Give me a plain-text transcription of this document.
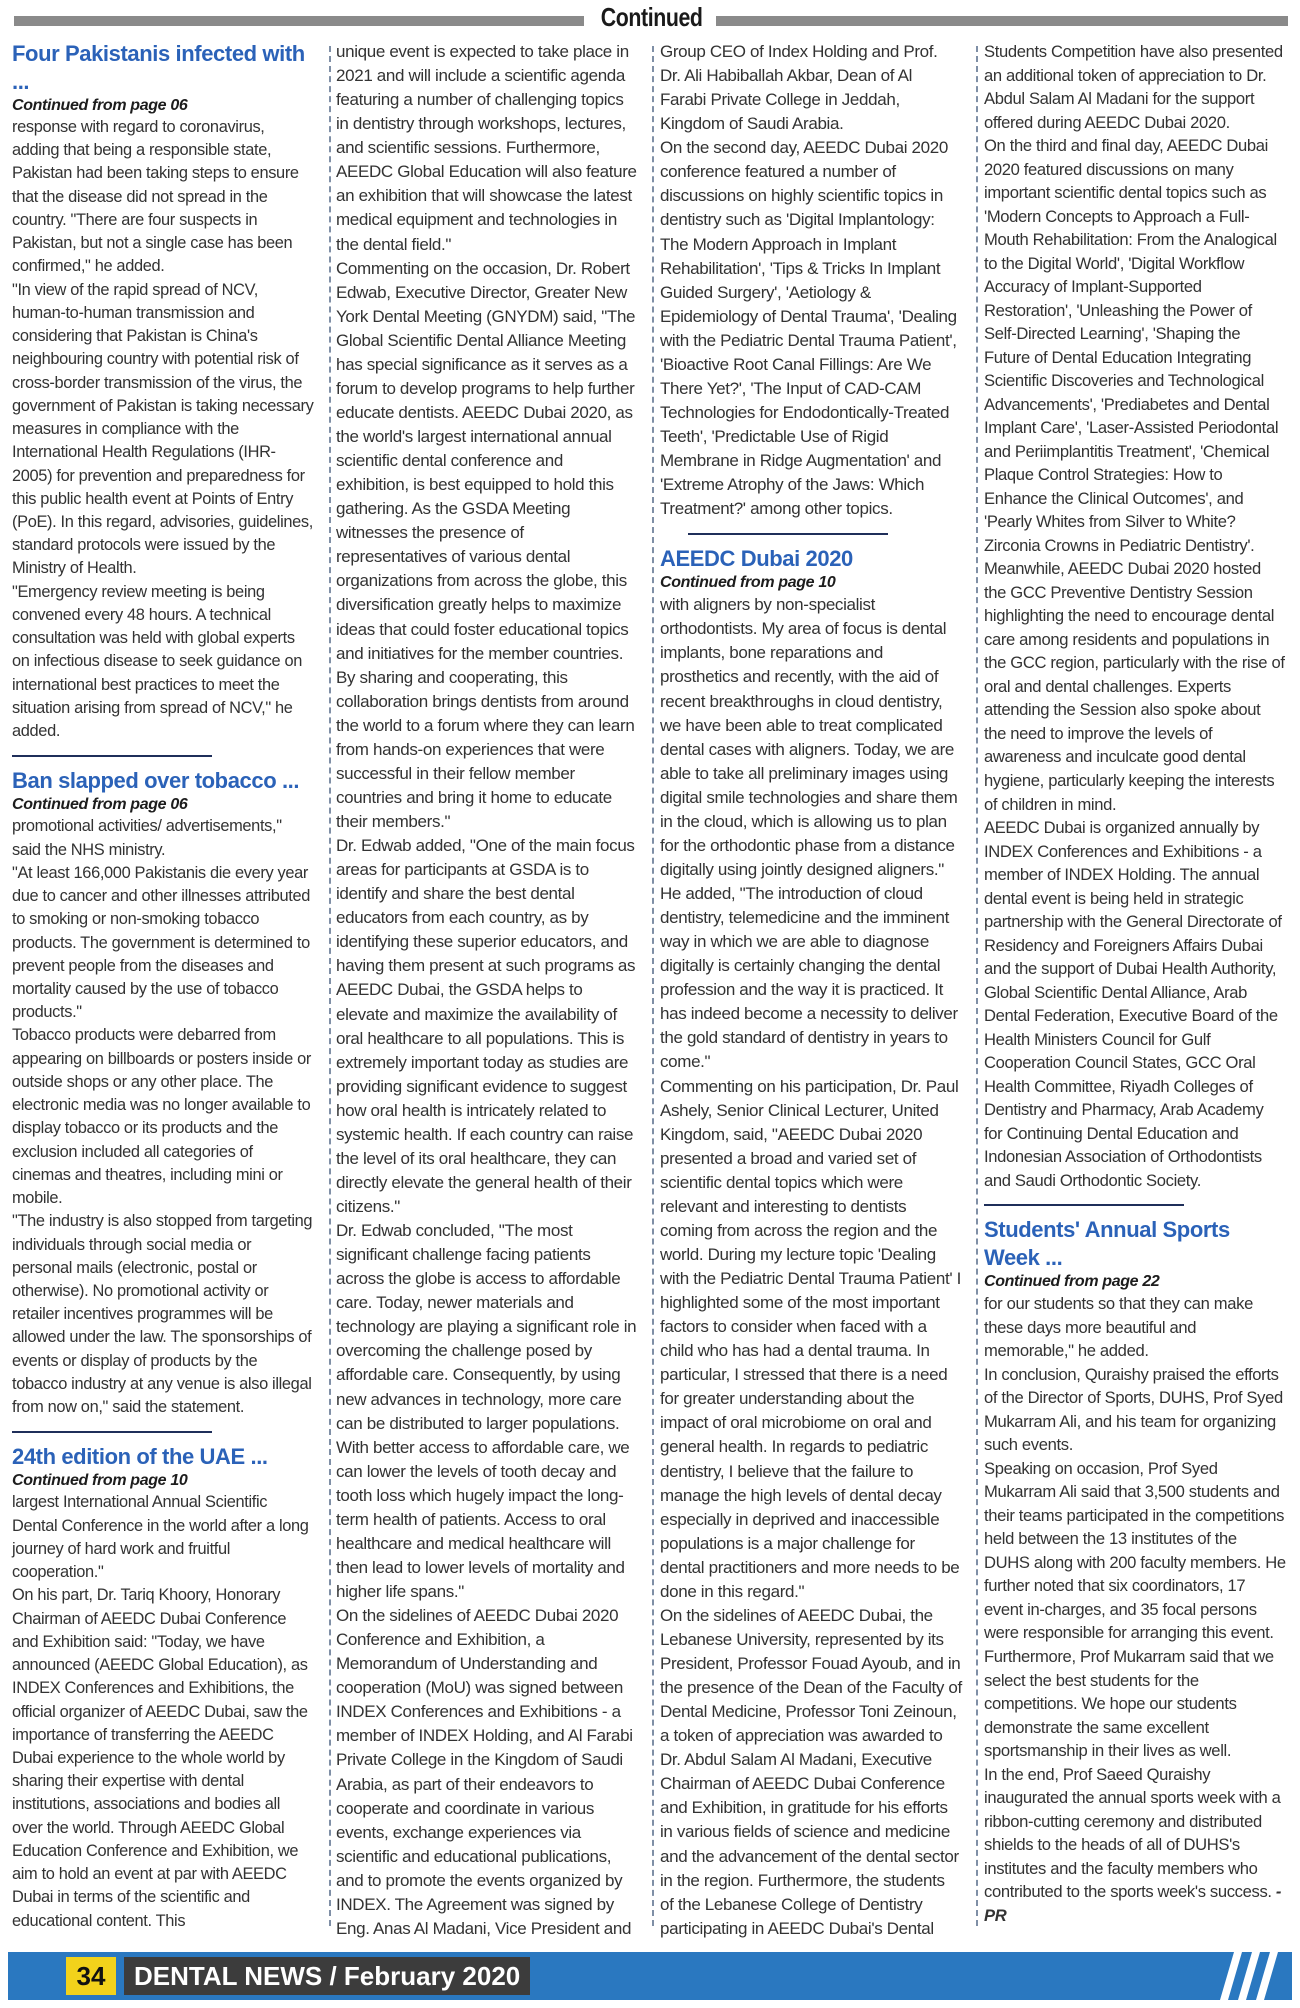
Continued
Four Pakistanis infected with ...

Continued from page 06

response with regard to coronavirus, adding that being a responsible state, Pakistan had been taking steps to ensure that the disease did not spread in the country. "There are four suspects in Pakistan, but not a single case has been confirmed," he added.

"In view of the rapid spread of NCV, human-to-human transmission and considering that Pakistan is China's neighbouring country with potential risk of cross-border transmission of the virus, the government of Pakistan is taking necessary measures in compliance with the International Health Regulations (IHR-2005) for prevention and preparedness for this public health event at Points of Entry (PoE). In this regard, advisories, guidelines, standard protocols were issued by the Ministry of Health.

"Emergency review meeting is being convened every 48 hours. A technical consultation was held with global experts on infectious disease to seek guidance on international best practices to meet the situation arising from spread of NCV," he added.

Ban slapped over tobacco ...

Continued from page 06

promotional activities/ advertisements," said the NHS ministry.

"At least 166,000 Pakistanis die every year due to cancer and other illnesses attributed to smoking or non-smoking tobacco products. The government is determined to prevent people from the diseases and mortality caused by the use of tobacco products."

Tobacco products were debarred from appearing on billboards or posters inside or outside shops or any other place. The electronic media was no longer available to display tobacco or its products and the exclusion included all categories of cinemas and theatres, including mini or mobile.

"The industry is also stopped from targeting individuals through social media or personal mails (electronic, postal or otherwise). No promotional activity or retailer incentives programmes will be allowed under the law. The sponsorships of events or display of products by the tobacco industry at any venue is also illegal from now on," said the statement.

24th edition of the UAE ...

Continued from page 10

largest International Annual Scientific Dental Conference in the world after a long journey of hard work and fruitful cooperation."

On his part, Dr. Tariq Khoory, Honorary Chairman of AEEDC Dubai Conference and Exhibition said: "Today, we have announced (AEEDC Global Education), as INDEX Conferences and Exhibitions, the official organizer of AEEDC Dubai, saw the importance of transferring the AEEDC Dubai experience to the whole world by sharing their expertise with dental institutions, associations and bodies all over the world. Through AEEDC Global Education Conference and Exhibition, we aim to hold an event at par with AEEDC Dubai in terms of the scientific and educational content. This

unique event is expected to take place in 2021 and will include a scientific agenda featuring a number of challenging topics in dentistry through workshops, lectures, and scientific sessions. Furthermore, AEEDC Global Education will also feature an exhibition that will showcase the latest medical equipment and technologies in the dental field."

Commenting on the occasion, Dr. Robert Edwab, Executive Director, Greater New York Dental Meeting (GNYDM) said, "The Global Scientific Dental Alliance Meeting has special significance as it serves as a forum to develop programs to help further educate dentists. AEEDC Dubai 2020, as the world's largest international annual scientific dental conference and exhibition, is best equipped to hold this gathering. As the GSDA Meeting witnesses the presence of representatives of various dental organizations from across the globe, this diversification greatly helps to maximize ideas that could foster educational topics and initiatives for the member countries. By sharing and cooperating, this collaboration brings dentists from around the world to a forum where they can learn from hands-on experiences that were successful in their fellow member countries and bring it home to educate their members."

Dr. Edwab added, "One of the main focus areas for participants at GSDA is to identify and share the best dental educators from each country, as by identifying these superior educators, and having them present at such programs as AEEDC Dubai, the GSDA helps to elevate and maximize the availability of oral healthcare to all populations. This is extremely important today as studies are providing significant evidence to suggest how oral health is intricately related to systemic health. If each country can raise the level of its oral healthcare, they can directly elevate the general health of their citizens."

Dr. Edwab concluded, "The most significant challenge facing patients across the globe is access to affordable care. Today, newer materials and technology are playing a significant role in overcoming the challenge posed by affordable care. Consequently, by using new advances in technology, more care can be distributed to larger populations. With better access to affordable care, we can lower the levels of tooth decay and tooth loss which hugely impact the long-term health of patients. Access to oral healthcare and medical healthcare will then lead to lower levels of mortality and higher life spans."

On the sidelines of AEEDC Dubai 2020 Conference and Exhibition, a Memorandum of Understanding and cooperation (MoU) was signed between INDEX Conferences and Exhibitions - a member of INDEX Holding, and Al Farabi Private College in the Kingdom of Saudi Arabia, as part of their endeavors to cooperate and coordinate in various events, exchange experiences via scientific and educational publications, and to promote the events organized by INDEX. The Agreement was signed by Eng. Anas Al Madani, Vice President and

Group CEO of Index Holding and Prof. Dr. Ali Habiballah Akbar, Dean of Al Farabi Private College in Jeddah, Kingdom of Saudi Arabia.

On the second day, AEEDC Dubai 2020 conference featured a number of discussions on highly scientific topics in dentistry such as 'Digital Implantology: The Modern Approach in Implant Rehabilitation', 'Tips & Tricks In Implant Guided Surgery', 'Aetiology & Epidemiology of Dental Trauma', 'Dealing with the Pediatric Dental Trauma Patient', 'Bioactive Root Canal Fillings: Are We There Yet?', 'The Input of CAD-CAM Technologies for Endodontically-Treated Teeth', 'Predictable Use of Rigid Membrane in Ridge Augmentation' and 'Extreme Atrophy of the Jaws: Which Treatment?' among other topics.

AEEDC Dubai 2020

Continued from page 10

with aligners by non-specialist orthodontists. My area of focus is dental implants, bone reparations and prosthetics and recently, with the aid of recent breakthroughs in cloud dentistry, we have been able to treat complicated dental cases with aligners. Today, we are able to take all preliminary images using digital smile technologies and share them in the cloud, which is allowing us to plan for the orthodontic phase from a distance digitally using jointly designed aligners."

He added, "The introduction of cloud dentistry, telemedicine and the imminent way in which we are able to diagnose digitally is certainly changing the dental profession and the way it is practiced. It has indeed become a necessity to deliver the gold standard of dentistry in years to come."

Commenting on his participation, Dr. Paul Ashely, Senior Clinical Lecturer, United Kingdom, said, "AEEDC Dubai 2020 presented a broad and varied set of scientific dental topics which were relevant and interesting to dentists coming from across the region and the world. During my lecture topic 'Dealing with the Pediatric Dental Trauma Patient' I highlighted some of the most important factors to consider when faced with a child who has had a dental trauma. In particular, I stressed that there is a need for greater understanding about the impact of oral microbiome on oral and general health. In regards to pediatric dentistry, I believe that the failure to manage the high levels of dental decay especially in deprived and inaccessible populations is a major challenge for dental practitioners and more needs to be done in this regard."

On the sidelines of AEEDC Dubai, the Lebanese University, represented by its President, Professor Fouad Ayoub, and in the presence of the Dean of the Faculty of Dental Medicine, Professor Toni Zeinoun, a token of appreciation was awarded to Dr. Abdul Salam Al Madani, Executive Chairman of AEEDC Dubai Conference and Exhibition, in gratitude for his efforts in various fields of science and medicine and the advancement of the dental sector in the region. Furthermore, the students of the Lebanese College of Dentistry participating in AEEDC Dubai's Dental

Students Competition have also presented an additional token of appreciation to Dr. Abdul Salam Al Madani for the support offered during AEEDC Dubai 2020.

On the third and final day, AEEDC Dubai 2020 featured discussions on many important scientific dental topics such as 'Modern Concepts to Approach a Full-Mouth Rehabilitation: From the Analogical to the Digital World', 'Digital Workflow Accuracy of Implant-Supported Restoration', 'Unleashing the Power of Self-Directed Learning', 'Shaping the Future of Dental Education Integrating Scientific Discoveries and Technological Advancements', 'Prediabetes and Dental Implant Care', 'Laser-Assisted Periodontal and Periimplantitis Treatment', 'Chemical Plaque Control Strategies: How to Enhance the Clinical Outcomes', and 'Pearly Whites from Silver to White? Zirconia Crowns in Pediatric Dentistry'.

Meanwhile, AEEDC Dubai 2020 hosted the GCC Preventive Dentistry Session highlighting the need to encourage dental care among residents and populations in the GCC region, particularly with the rise of oral and dental challenges. Experts attending the Session also spoke about the need to improve the levels of awareness and inculcate good dental hygiene, particularly keeping the interests of children in mind.

AEEDC Dubai is organized annually by INDEX Conferences and Exhibitions - a member of INDEX Holding. The annual dental event is being held in strategic partnership with the General Directorate of Residency and Foreigners Affairs Dubai and the support of Dubai Health Authority, Global Scientific Dental Alliance, Arab Dental Federation, Executive Board of the Health Ministers Council for Gulf Cooperation Council States, GCC Oral Health Committee, Riyadh Colleges of Dentistry and Pharmacy, Arab Academy for Continuing Dental Education and Indonesian Association of Orthodontists and Saudi Orthodontic Society.

Students' Annual Sports Week ...

Continued from page 22

for our students so that they can make these days more beautiful and memorable," he added.

In conclusion, Quraishy praised the efforts of the Director of Sports, DUHS, Prof Syed Mukarram Ali, and his team for organizing such events.

Speaking on occasion, Prof Syed Mukarram Ali said that 3,500 students and their teams participated in the competitions held between the 13 institutes of the DUHS along with 200 faculty members. He further noted that six coordinators, 17 event in-charges, and 35 focal persons were responsible for arranging this event.

Furthermore, Prof Mukarram said that we select the best students for the competitions. We hope our students demonstrate the same excellent sportsmanship in their lives as well.

In the end, Prof Saeed Quraishy inaugurated the annual sports week with a ribbon-cutting ceremony and distributed shields to the heads of all of DUHS's institutes and the faculty members who contributed to the sports week's success. -PR

34	DENTAL NEWS / February 2020
